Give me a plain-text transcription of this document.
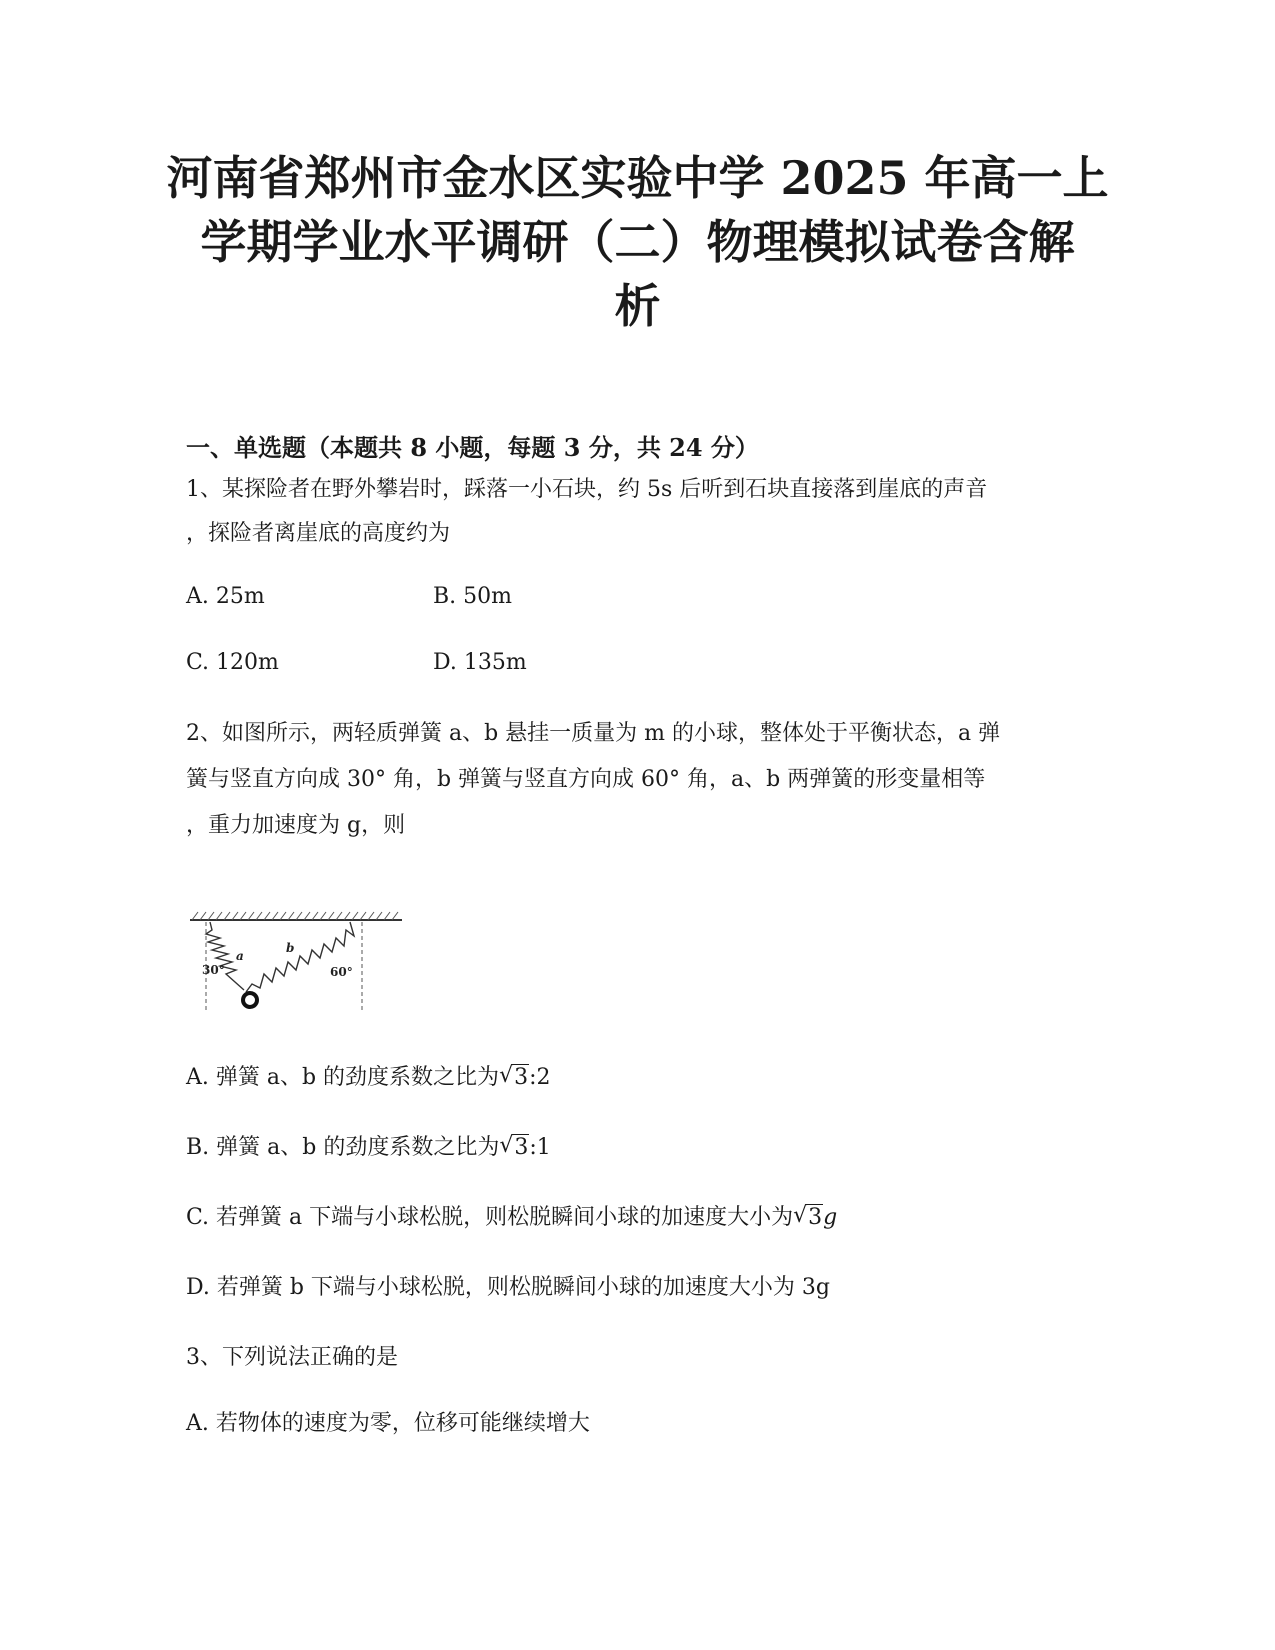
河南省郑州市金水区实验中学 2025 年高一上
学期学业水平调研（二）物理模拟试卷含解
析
一、单选题（本题共 8 小题，每题 3 分，共 24 分）

1、某探险者在野外攀岩时，踩落一小石块，约 5s 后听到石块直接落到崖底的声音

，探险者离崖底的高度约为

A. 25m	B. 50m
C. 120m	D. 135m

2、如图所示，两轻质弹簧 a、b 悬挂一质量为 m 的小球，整体处于平衡状态，a 弹

簧与竖直方向成 30° 角，b 弹簧与竖直方向成 60° 角，a、b 两弹簧的形变量相等

，重力加速度为 g，则

a
b
30°	60°
A. 弹簧 a、b 的劲度系数之比为 √ 3:2
B. 弹簧 a、b 的劲度系数之比为 √ 3:1
C. 若弹簧 a 下端与小球松脱，则松脱瞬间小球的加速度大小为 √ 3g
D. 若弹簧 b 下端与小球松脱，则松脱瞬间小球的加速度大小为 3g

3、下列说法正确的是

A. 若物体的速度为零，位移可能继续增大
